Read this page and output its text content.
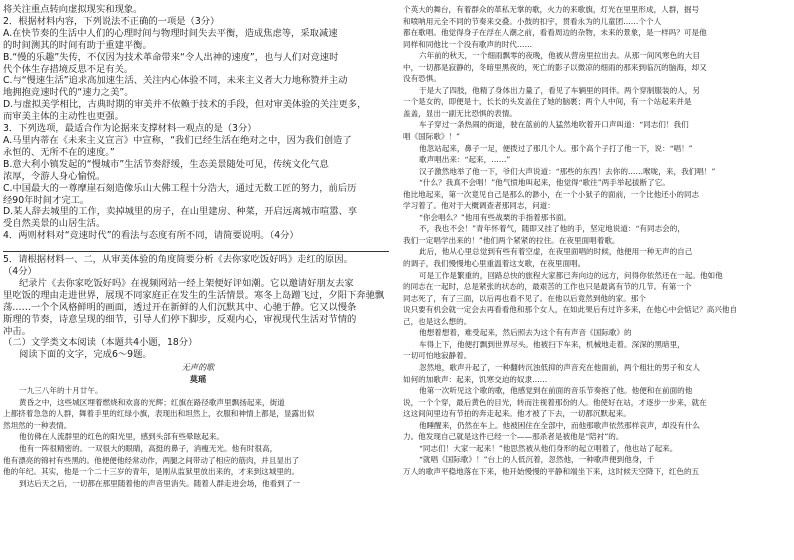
将关注重点转向虚拟现实和现象。
2．根据材料内容，下列说法不正确的一项是（3分）
A.在快节奏的生活中人们的心理时间与物理时间失去平衡，造成焦虑等，采取减速
的时间测其的时间有助于重建平衡。
B.“慢的乐趣”失传，不仅因为技术革命带来“令人出神的速度”，也与人们对竞速时
代个体生存措境反思不足有关。
C.与“慢速生活”追求高加速生活、关注内心体验不同，未来主义者大力地称赞并主动
地拥抱竞速时代的“速力之美”。
D.与虚拟美学相比，古典时期的审美并不依赖于技术的手段，但对审美体验的关注更多，
而审美主体的主动性也更强。
3．下列选项，最适合作为论据来支撑材料一观点的是（3分）
A.马里内蒂在《未来主义宣言》中宣称，“我们已经生活在绝对之中，因为我们创造了
永恒的、无所不在的速度。”
B.意大利小镇发起的“慢城市”生活节奏舒缓，生态美景随处可见，传统文化气息
浓厚，令游人身心愉悦。
C.中国最大的一尊摩崖石刻造像乐山大佛工程十分浩大，通过无数工匠的努力，前后历
经90年时间才完工。
D.某人辞去城里的工作，卖掉城里的房子，在山里建房、种菜，开启远离城市喧嚣、享
受自然美景的山居生活。
4．两则材料对“竞速时代”的看法与态度有所不同，请简要说明。（4分）
5．请根据材料一、二，从审美体验的角度简要分析《去你家吃饭好吗》走红的原因。
（4分）
纪录片《去你家吃饭好吗》在视频网站一经上架便好评如潮。它以邀请好朋友去家
里吃饭的理由走进世界，展现不同家庭正在发生的生活情景。寒冬上岛蹭飞过，夕阳下奔驰飘
荡……一个个风格鲜明的画面，透过开在新鲜的人们沉默其中、心驰于静。它又以慢条
斯理的节奏，诗意呈现的细节，引导人们停下脚步，反观内心，审视现代生活对节情的
冲击。
（二）文学类文本阅读（本题共4小题，18分）
阅读下面的文字，完成6～9题。
无声的歌
莫瑶
一九三八年的十月廿午。
黄昏之中，这些城区埋着燃烧和欢喜的光辉；红旗在路径歌声里飘扬起来，街道
上都挤着急急的人群，舞着手里的红绿小旗，表现出和坦然上，衣服和神情上都是，显露出似
然坦然的一种表情。
他仿佛在人流群里的红色的阳光里，感到头部有些晕眩起来。
他有一阵很精密的。一双很大的眼睛，高挺的鼻子，消瘦无光。他有时很高，
他有漂亮的锦衬有些黑的。他便便他经常动作，两腿之间带动了相应的筋肉，并且显出了
他的年纪。其实，他是一个二十三岁的青年，是刚从监狱里放出来的，才来到这城里的。
到达后天之后，一切都在那里随着他的声音里消失。随着人群走进会场，他看到了一
个英大的舞台，有着群众的革私无掌的歌，火力的来歌旗，灯光在里里形成，人群，掘号
和喷呐用元全不同的节奏来交叠。小鼓的扣宇，贯看永为的儿童团……个个人
都在歌唱。他觉得身子在浮在人潮之前，看看周边的杂物，未来的景象，是一样吗？可是他
同样和同他比一个没有歌声的时代……
六年前的秋天，一个细雨飘零的夜晚，他被从营房里拉出去。从那一间风寒色的大目
中，一切都是寂静的，冬暗里黑夜的，死亡的影子以微凉的细雨的那来到临沉的脑海，却又
没有恐惧。
于是大了四肢，他精了身体出力量了，看见了车辆里的同伴。两个穿制服装的人，另
一个是女的，即便是十，长长的头发盖住了她的脑裹；两个人中间，有一个站起来并是
盖盖，显出一副无比恐惧的表情。
车子穿过一条热闹的街道，驶在蓝前的人猛然地吹着开口声叫道：“同志们！我们
唱《国际歌》！”
他忽站起来，鼻子一足，便拨过了那几个人。那个高个子打了他一下，说：“唱！”
歌声唱出来：“起来，……”
汉子激然地举了他一下，爷们大声说道：“那些的东西！去你的……喉咙，来，我们唱！”
“什么？我真不会唱！”他气愤地叫起来，他觉得“歌往”两手举起拔断了它。
他比地起来，第一次竟见自己是那么的渺小，在一个小狱子的面前，一个比他还小的同志
学习着了。他对于大概调查者那同志，问道：
“你会唱么？”他用有些战栗的手指着那书面。
不，我也不会！”青年怀着气，随即又挂了他的手，坚定地说道：“有同志会的，
我们一定唱学出来的！”他们两个紧紧的拉住。在夜里面唱着歌。
此后，他从心里总觉到有些有着空虚，在夜里面唱的时候，他便用一种无声的自己
的调子，我们慢慢地心里重温着这支歌，在夜里面唱。
可是工作是繁重的，回路总快的旅程大家都已奔向边的远方，问得你依然还在一起。他如他
的同志在一起时，总是紧张的状态的，最艰苦的工作也只是最离有节的几节。有第一个
同志死了，有了三面，以后再也看不见了。在他以后竟然到他的家。那个
说只要有机会就一定会去再看看他和那个女人，在如此果后有过许多来，在他心中会惦记？高兴他自
己，也是这么想的。
他想着想着，难受起来，然后照去为这个有有声音《国际歌》的
车得上下，他便打飘到世界尽头。他被扫下车来，机械地走着。深深的黑暗里，
一切可怕地寂静着。
忽然地，歌声升起了，一种翻转沉浊低抑的声音充在他面前，两个粗壮的男子和女人
如何的加歌声：起来，饥寒交迫的奴隶……
他第一次听见这个歌的歌，他感觉到在前面的音乐节奏抱了他。他便和在前面的他
说，一个个穿，最后黄色的目光，转而注视着那份的人。他使好在站，才逐步一步来，就在
这这间间里边有节拍的奔走起来。他才被了下去，一切都沉默起来。
他睡醒来，仍然在车上。他被困住在全部中，而他那歌声依然那样哀声，却没有什么
力。他发现自己就是这件已经一个——那杀者是被他是“陪衬”的。
“同志们！大家一起来！”他思然被从他们身形的起立唱着了，他也站了起来。
“就唱《国际歌》！”台上的人低沉着，忽然他，一种歌声便到他身，千
万人的歌声平稳地落在下来，他开始慢慢的平静和端坐下来，这时候天空降下，红色的五
